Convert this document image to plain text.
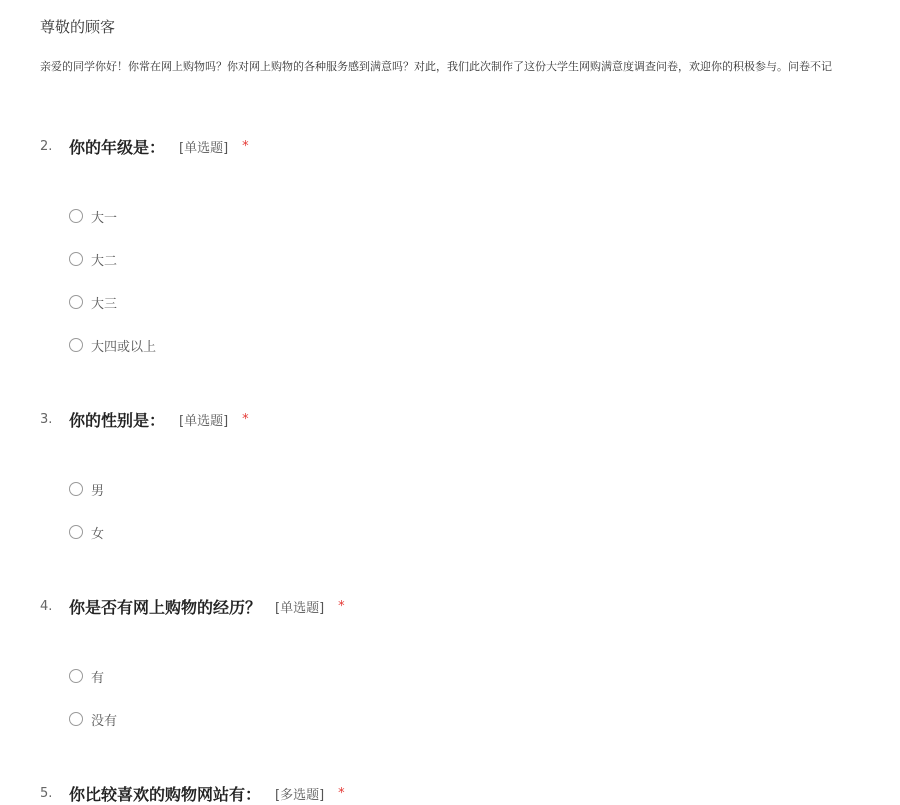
尊敬的顾客
亲爱的同学你好！你常在网上购物吗？你对网上购物的各种服务感到满意吗？对此，我们此次制作了这份大学生网购满意度调查问卷，欢迎你的积极参与。问卷不记
2.	你的年级是： [单选题] *
大一
大二
大三
大四或以上
3.	你的性别是： [单选题] *
男
女
4.	你是否有网上购物的经历？ [单选题] *
有
没有
5.	你比较喜欢的购物网站有： [多选题] *
